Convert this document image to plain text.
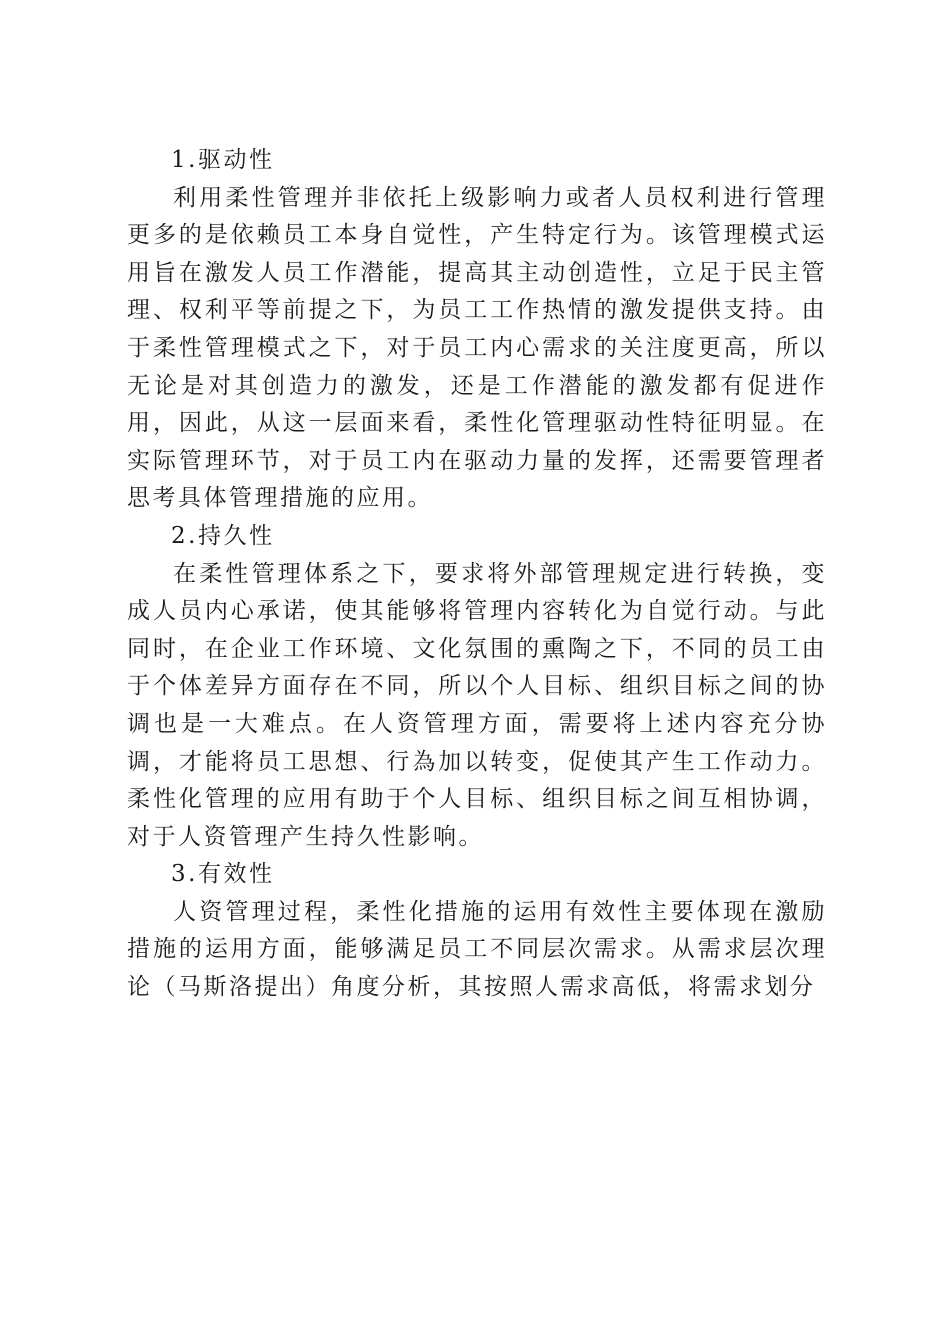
1.驱动性

利用柔性管理并非依托上级影响力或者人员权利进行管理更多的是依赖员工本身自觉性，产生特定行为。该管理模式运用旨在激发人员工作潜能，提高其主动创造性，立足于民主管理、权利平等前提之下，为员工工作热情的激发提供支持。由于柔性管理模式之下，对于员工内心需求的关注度更高，所以无论是对其创造力的激发，还是工作潜能的激发都有促进作用，因此，从这一层面来看，柔性化管理驱动性特征明显。在实际管理环节，对于员工内在驱动力量的发挥，还需要管理者思考具体管理措施的应用。

2.持久性

在柔性管理体系之下，要求将外部管理规定进行转换，变成人员内心承诺，使其能够将管理内容转化为自觉行动。与此同时，在企业工作环境、文化氛围的熏陶之下，不同的员工由于个体差异方面存在不同，所以个人目标、组织目标之间的协调也是一大难点。在人资管理方面，需要将上述内容充分协调，才能将员工思想、行為加以转变，促使其产生工作动力。柔性化管理的应用有助于个人目标、组织目标之间互相协调，对于人资管理产生持久性影响。

3.有效性

人资管理过程，柔性化措施的运用有效性主要体现在激励措施的运用方面，能够满足员工不同层次需求。从需求层次理论（马斯洛提出）角度分析，其按照人需求高低，将需求划分
